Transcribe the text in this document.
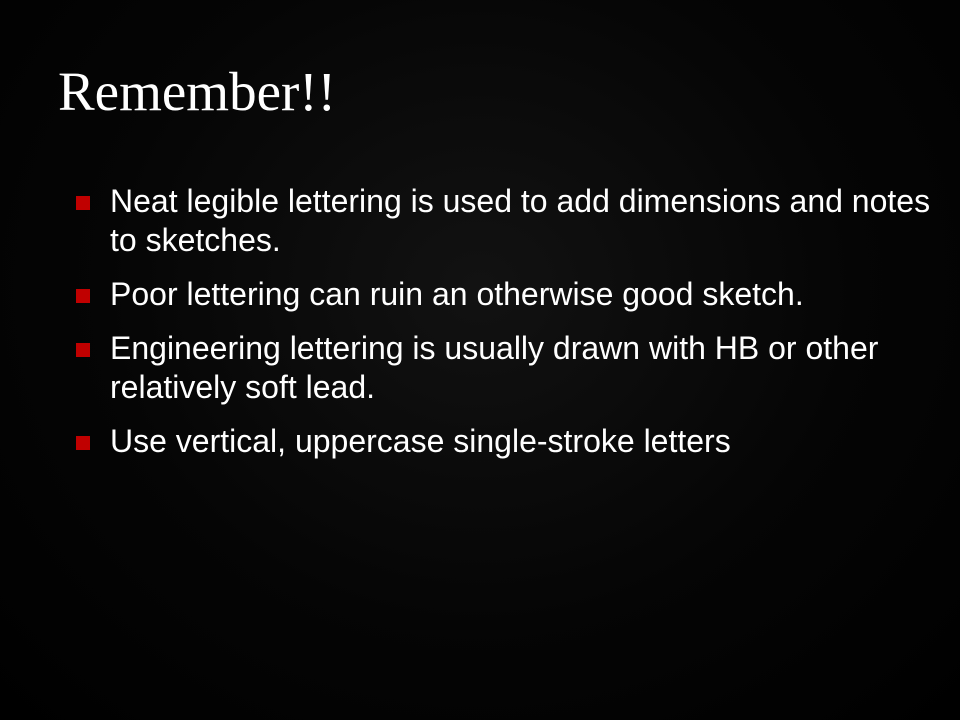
Remember!!
Neat legible lettering is used to add dimensions and notes to sketches.
Poor lettering can ruin an otherwise good sketch.
Engineering lettering is usually drawn with HB or other relatively soft lead.
Use vertical, uppercase single-stroke letters
